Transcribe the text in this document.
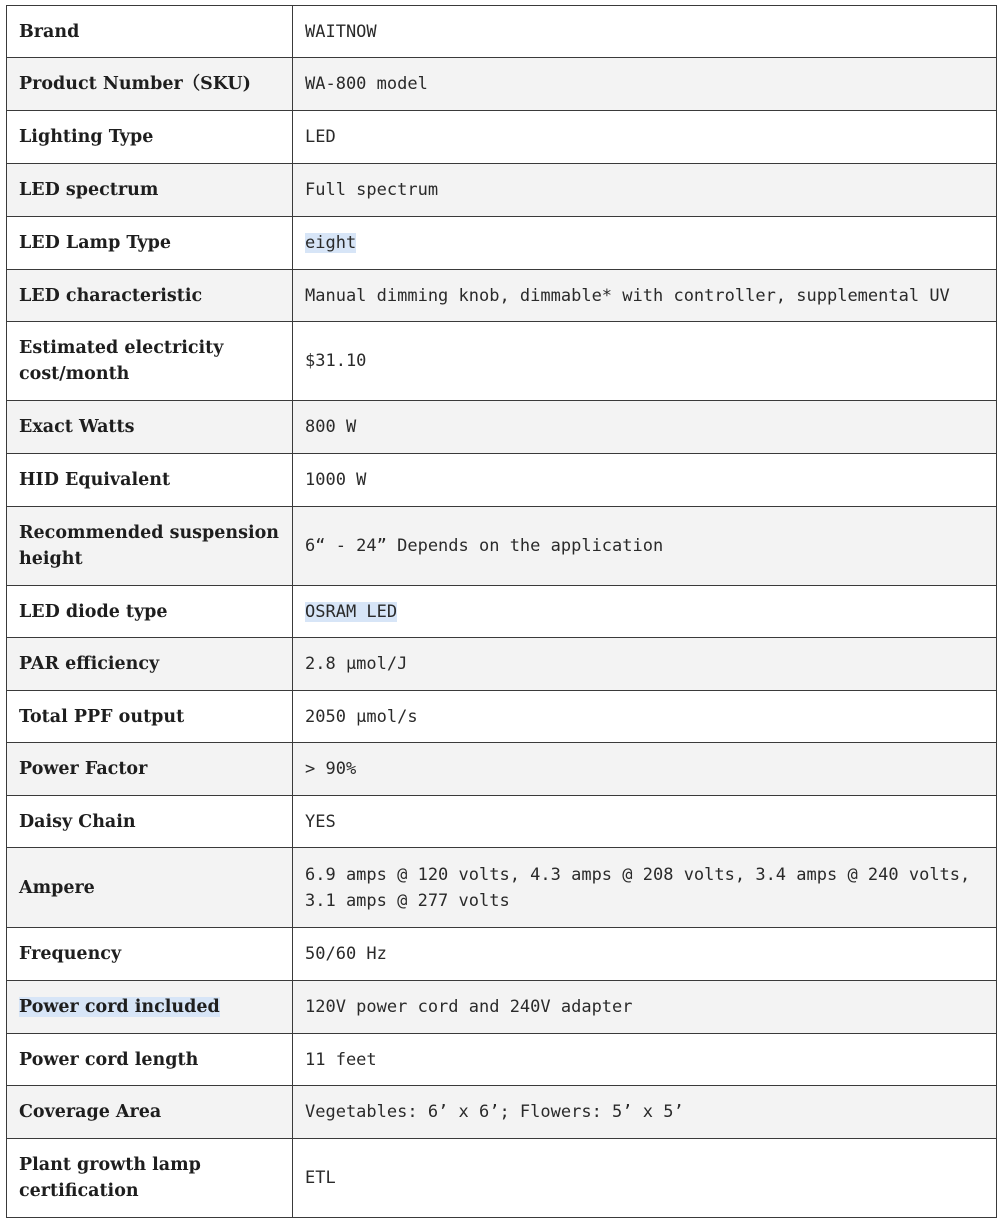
Brand	WAITNOW
Product Number（SKU)	WA-800 model
Lighting Type	LED
LED spectrum	Full spectrum
LED Lamp Type	eight
LED characteristic	Manual dimming knob, dimmable* with controller, supplemental UV
Estimated electricity cost/month	$31.10
Exact Watts	800 W
HID Equivalent	1000 W
Recommended suspension height	6“ - 24” Depends on the application
LED diode type	OSRAM LED
PAR efficiency	2.8 μmol/J
Total PPF output	2050 μmol/s
Power Factor	> 90%
Daisy Chain	YES
Ampere	6.9 amps @ 120 volts, 4.3 amps @ 208 volts, 3.4 amps @ 240 volts, 3.1 amps @ 277 volts
Frequency	50/60 Hz
Power cord included	120V power cord and 240V adapter
Power cord length	11 feet
Coverage Area	Vegetables: 6’ x 6’; Flowers: 5’ x 5’
Plant growth lamp certification	ETL
